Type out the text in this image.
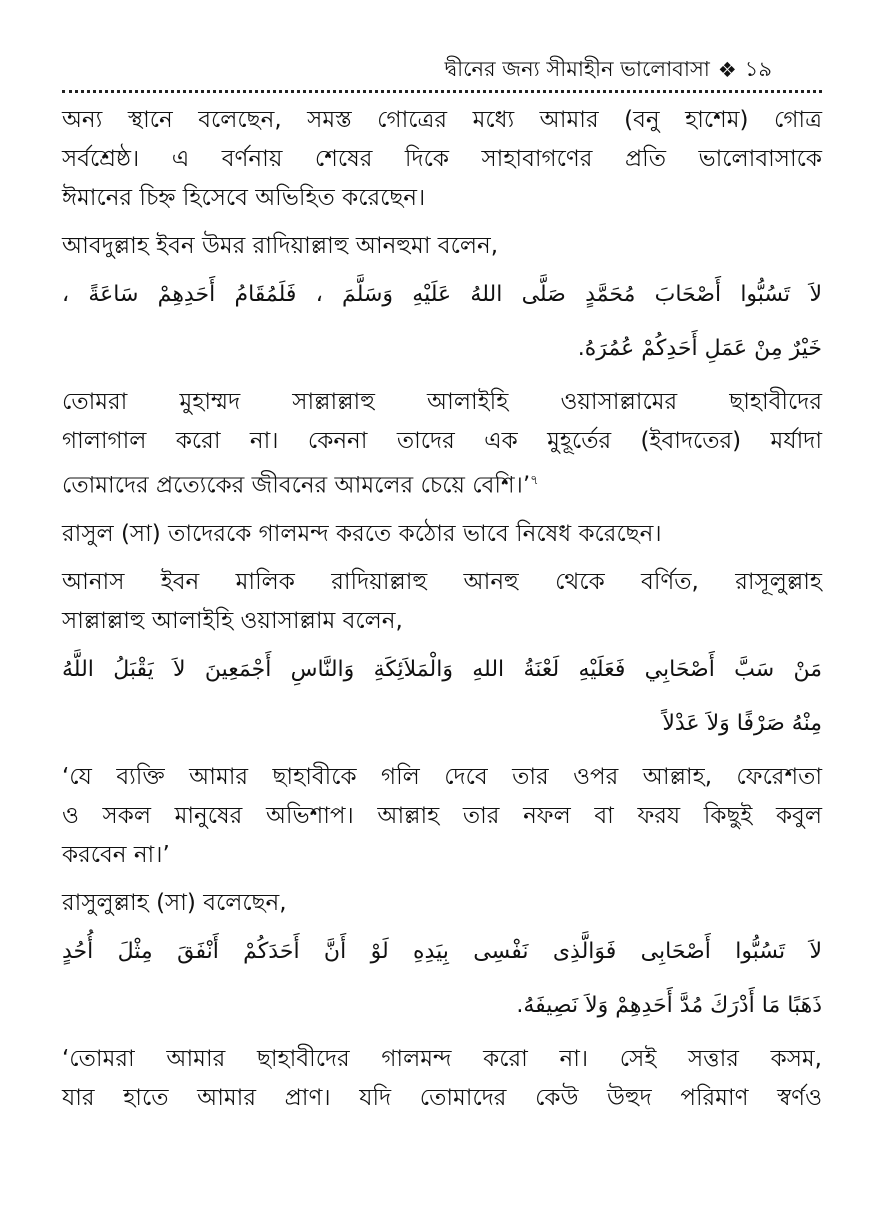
দ্বীনের জন্য সীমাহীন ভালোবাসা ❖ ১৯

অন্য স্থানে বলেছেন, সমস্ত গোত্রের মধ্যে আমার (বনু হাশেম) গোত্র
সর্বশ্রেষ্ঠ। এ বর্ণনায় শেষের দিকে সাহাবাগণের প্রতি ভালোবাসাকে
ঈমানের চিহ্ন হিসেবে অভিহিত করেছেন।

আবদুল্লাহ ইবন উমর রাদিয়াল্লাহু আনহুমা বলেন,

لاَ تَسُبُّوا أَصْحَابَ مُحَمَّدٍ صَلَّى اللهُ عَلَيْهِ وَسَلَّمَ ، فَلَمُقَامُ أَحَدِهِمْ سَاعَةً ،
خَيْرٌ مِنْ عَمَلِ أَحَدِكُمْ عُمُرَهُ.

তোমরা মুহাম্মদ সাল্লাল্লাহু আলাইহি ওয়াসাল্লামের ছাহাবীদের
গালাগাল করো না। কেননা তাদের এক মুহূর্তের (ইবাদতের) মর্যাদা
তোমাদের প্রত্যেকের জীবনের আমলের চেয়ে বেশি।’$^৭$

রাসুল (সা) তাদেরকে গালমন্দ করতে কঠোর ভাবে নিষেধ করেছেন।

আনাস ইবন মালিক রাদিয়াল্লাহু আনহু থেকে বর্ণিত, রাসূলুল্লাহ
সাল্লাল্লাহু আলাইহি ওয়াসাল্লাম বলেন,

مَنْ سَبَّ أَصْحَابِي فَعَلَيْهِ لَعْنَةُ اللهِ وَالْمَلاَئِكَةِ وَالنَّاسِ أَجْمَعِينَ لاَ يَقْبَلُ اللَّهُ
مِنْهُ صَرْفًا وَلاَ عَدْلاً

‘যে ব্যক্তি আমার ছাহাবীকে গলি দেবে তার ওপর আল্লাহ, ফেরেশতা
ও সকল মানুষের অভিশাপ। আল্লাহ তার নফল বা ফরয কিছুই কবুল
করবেন না।’

রাসুলুল্লাহ (সা) বলেছেন,

لاَ تَسُبُّوا أَصْحَابِى فَوَالَّذِى نَفْسِى بِيَدِهِ لَوْ أَنَّ أَحَدَكُمْ أَنْفَقَ مِثْلَ أُحُدٍ
ذَهَبًا مَا أَدْرَكَ مُدَّ أَحَدِهِمْ وَلاَ نَصِيفَهُ.

‘তোমরা আমার ছাহাবীদের গালমন্দ করো না। সেই সত্তার কসম,
যার হাতে আমার প্রাণ। যদি তোমাদের কেউ উহুদ পরিমাণ স্বর্ণও
